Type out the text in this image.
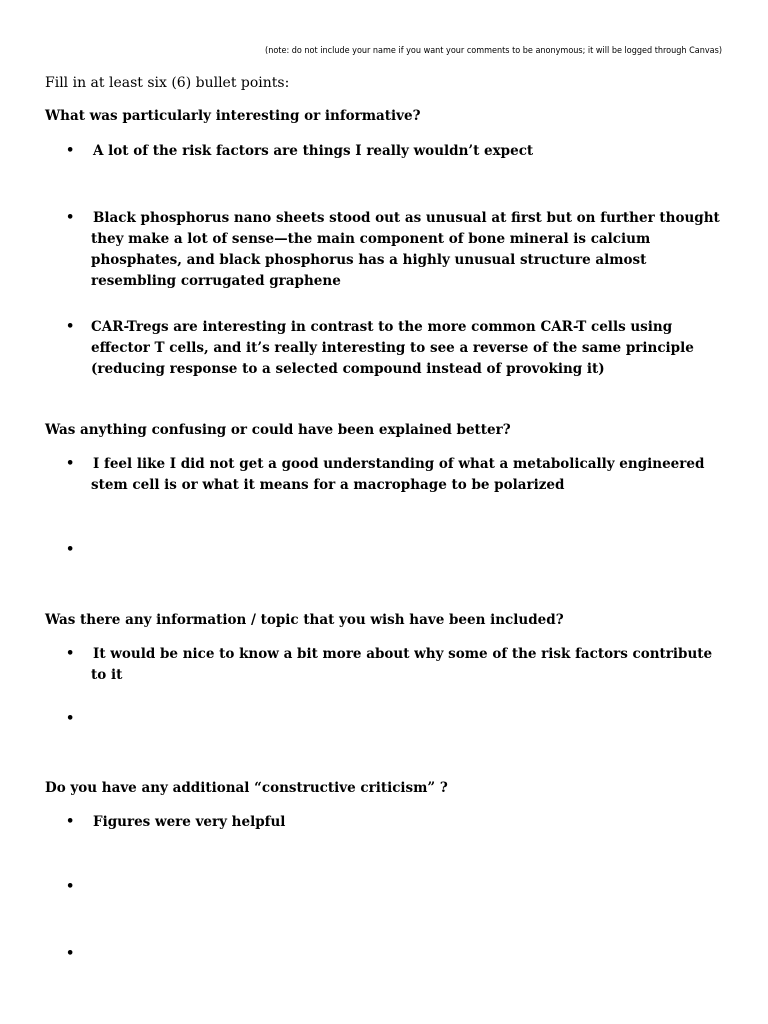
(note: do not include your name if you want your comments to be anonymous; it will be logged through Canvas)
Fill in at least six (6) bullet points:
What was particularly interesting or informative?
• A lot of the risk factors are things I really wouldn’t expect
• Black phosphorus nano sheets stood out as unusual at first but on further thought they make a lot of sense—the main component of bone mineral is calcium phosphates, and black phosphorus has a highly unusual structure almost resembling corrugated graphene
• CAR-Tregs are interesting in contrast to the more common CAR-T cells using effector T cells, and it’s really interesting to see a reverse of the same principle (reducing response to a selected compound instead of provoking it)
Was anything confusing or could have been explained better?
• I feel like I did not get a good understanding of what a metabolically engineered stem cell is or what it means for a macrophage to be polarized
•
Was there any information / topic that you wish have been included?
• It would be nice to know a bit more about why some of the risk factors contribute to it
•
Do you have any additional “constructive criticism” ?
• Figures were very helpful
•
•
